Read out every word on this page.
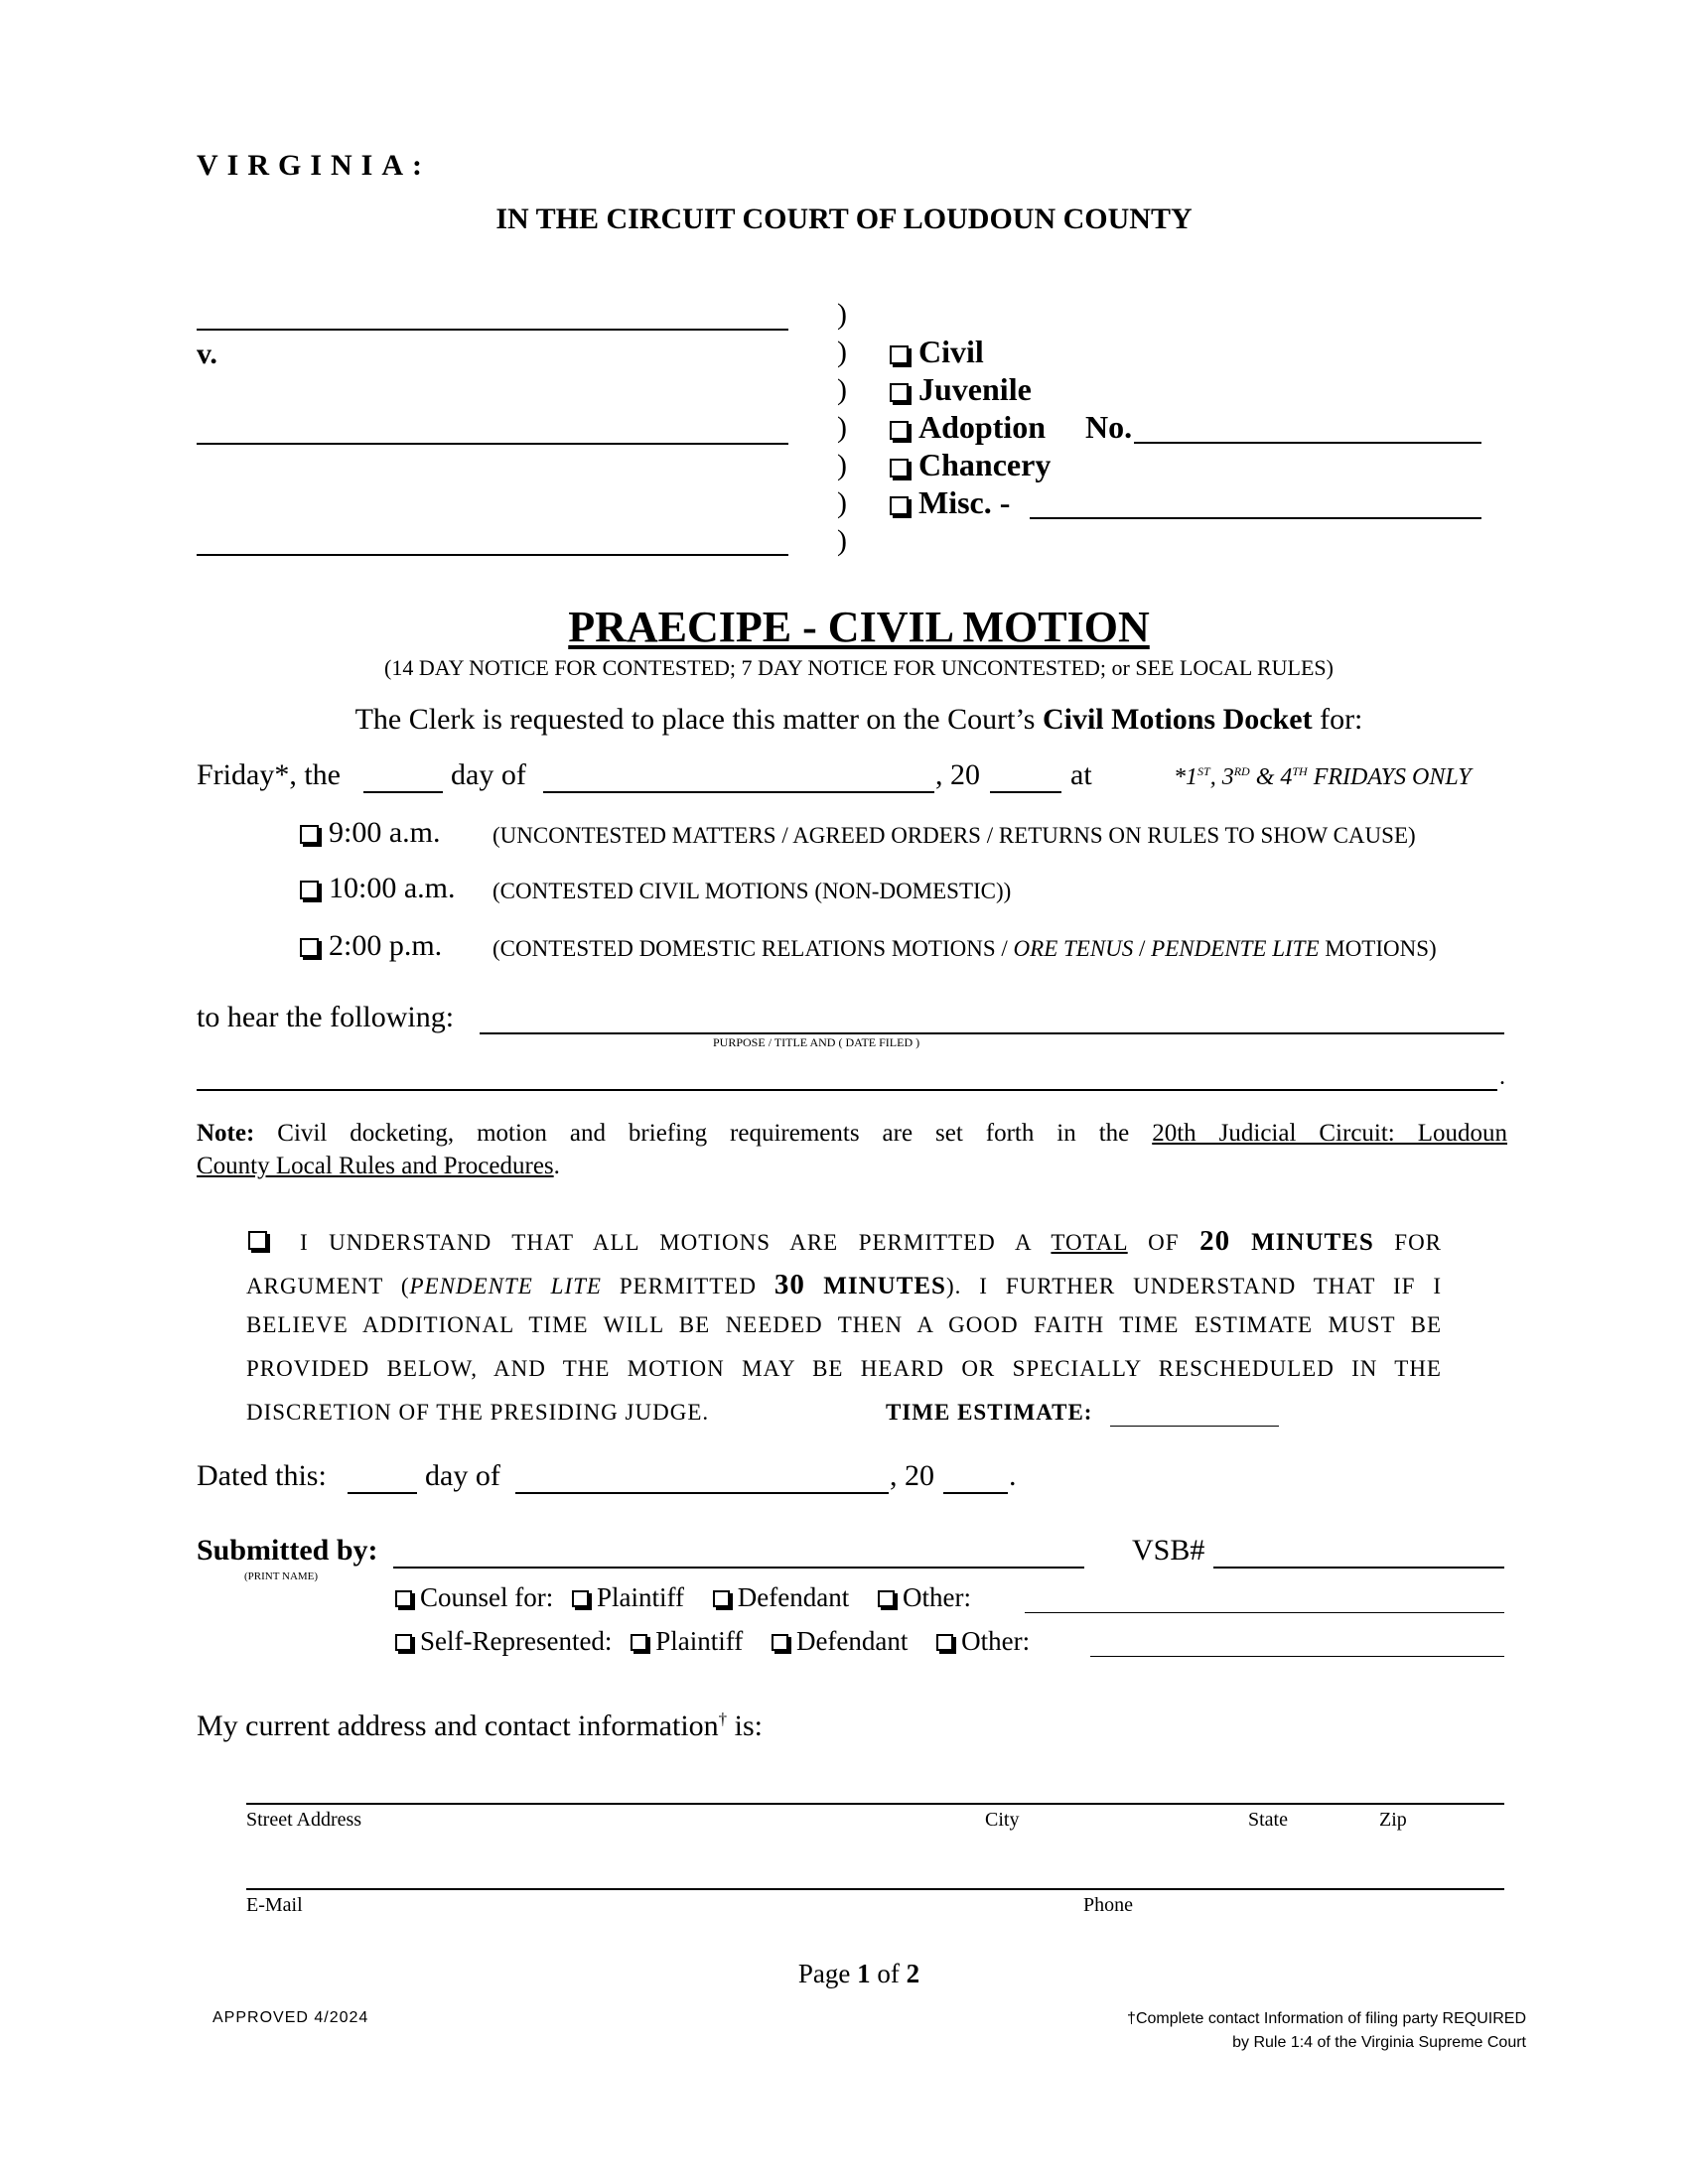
VIRGINIA:
IN THE CIRCUIT COURT OF LOUDOUN COUNTY
v.
)
)
)
)
)
)
)
Civil
Juvenile
Adoption No.
Chancery
Misc. -
PRAECIPE - CIVIL MOTION
(14 DAY NOTICE FOR CONTESTED; 7 DAY NOTICE FOR UNCONTESTED; or SEE LOCAL RULES)
The Clerk is requested to place this matter on the Court’s Civil Motions Docket for:
Friday*, the	day of	, 20	at	*1ST, 3RD & 4TH FRIDAYS ONLY
9:00 a.m. (UNCONTESTED MATTERS / AGREED ORDERS / RETURNS ON RULES TO SHOW CAUSE)
10:00 a.m. (CONTESTED CIVIL MOTIONS (NON-DOMESTIC))
2:00 p.m. (CONTESTED DOMESTIC RELATIONS MOTIONS / ORE TENUS / PENDENTE LITE MOTIONS)
to hear the following:
PURPOSE / TITLE AND ( DATE FILED )
.
Note: Civil docketing, motion and briefing requirements are set forth in the 20th Judicial Circuit: Loudoun
County Local Rules and Procedures.
I UNDERSTAND THAT ALL MOTIONS ARE PERMITTED A TOTAL OF 20 MINUTES FOR
ARGUMENT (PENDENTE LITE PERMITTED 30 MINUTES). I FURTHER UNDERSTAND THAT IF I
BELIEVE ADDITIONAL TIME WILL BE NEEDED THEN A GOOD FAITH TIME ESTIMATE MUST BE
PROVIDED BELOW, AND THE MOTION MAY BE HEARD OR SPECIALLY RESCHEDULED IN THE
DISCRETION OF THE PRESIDING JUDGE.	TIME ESTIMATE:
Dated this:	day of	, 20	.
Submitted by:
(PRINT NAME)
VSB#
Counsel for: Plaintiff Defendant Other:
Self-Represented: Plaintiff Defendant Other:
My current address and contact information† is:
Street Address	City	State	Zip
E-Mail	Phone
Page 1 of 2
APPROVED 4/2024	†Complete contact Information of filing party REQUIRED
by Rule 1:4 of the Virginia Supreme Court
